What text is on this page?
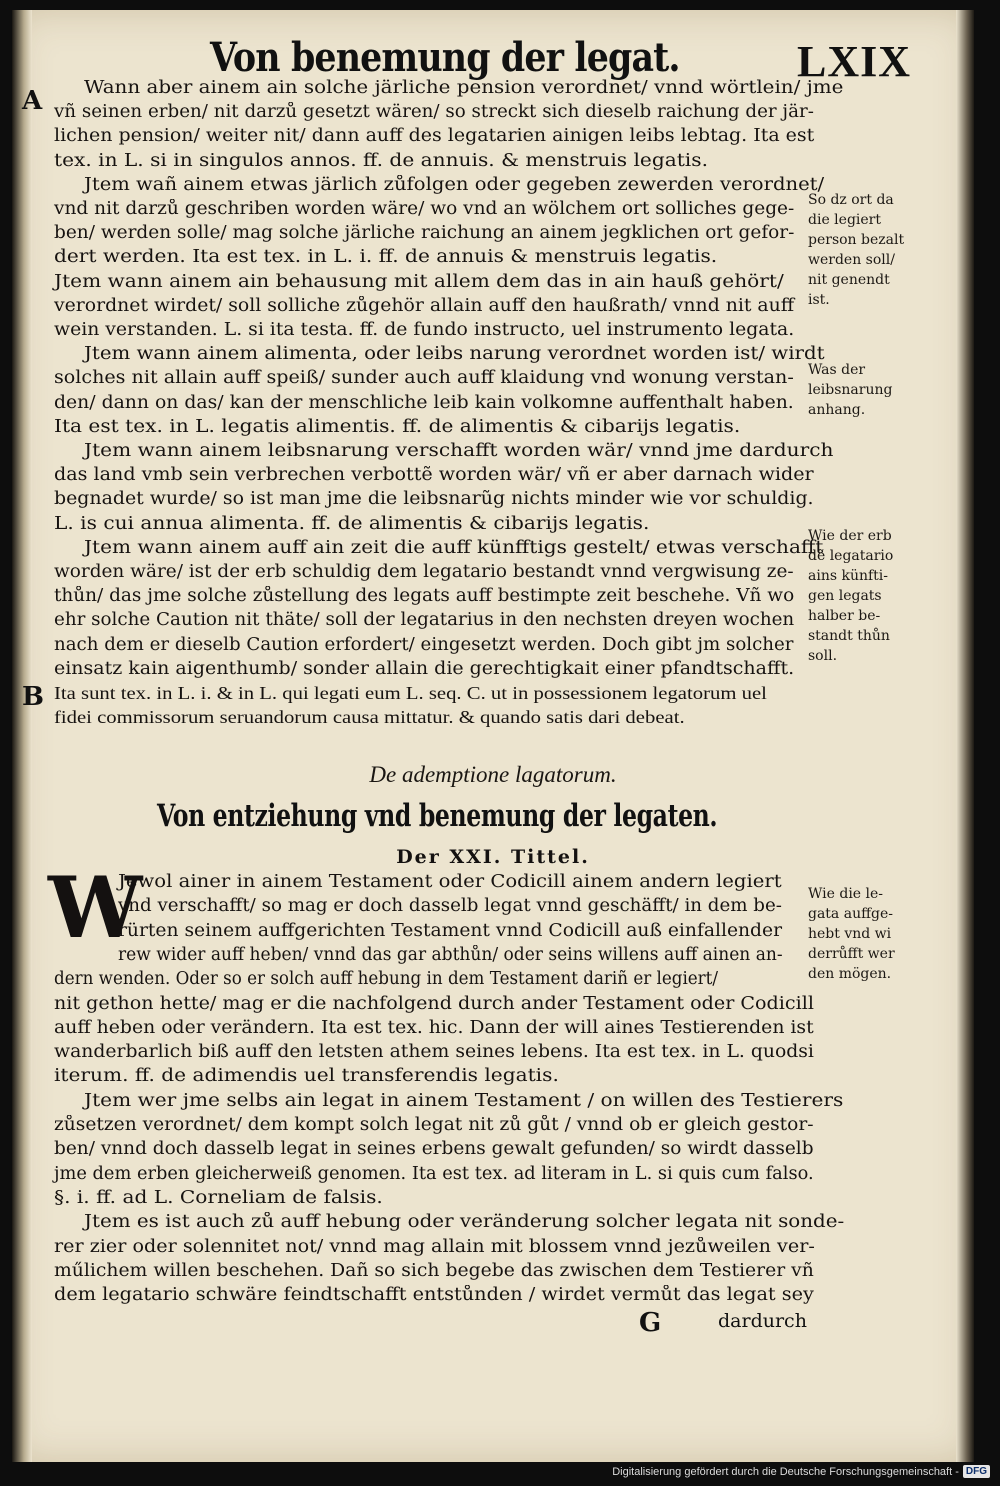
Von benemung der legat.	LXIX
A
B
Wann aber ainem ain solche järliche pension verordnet/ vnnd wörtlein/ jme
vñ seinen erben/ nit darzů gesetzt wären/ so streckt sich dieselb raichung der jär-
lichen pension/ weiter nit/ dann auff des legatarien ainigen leibs lebtag. Ita est
tex. in L. si in singulos annos. ff. de annuis. & menstruis legatis.
Jtem wañ ainem etwas järlich zůfolgen oder gegeben zewerden verordnet/
vnd nit darzů geschriben worden wäre/ wo vnd an wölchem ort solliches gege-
ben/ werden solle/ mag solche järliche raichung an ainem jegklichen ort gefor-
dert werden. Ita est tex. in L. i. ff. de annuis & menstruis legatis.
Jtem wann ainem ain behausung mit allem dem das in ain hauß gehört/
verordnet wirdet/ soll solliche zůgehör allain auff den haußrath/ vnnd nit auff
wein verstanden. L. si ita testa. ff. de fundo instructo, uel instrumento legata.
Jtem wann ainem alimenta, oder leibs narung verordnet worden ist/ wirdt
solches nit allain auff speiß/ sunder auch auff klaidung vnd wonung verstan-
den/ dann on das/ kan der menschliche leib kain volkomne auffenthalt haben.
Ita est tex. in L. legatis alimentis. ff. de alimentis & cibarijs legatis.
Jtem wann ainem leibsnarung verschafft worden wär/ vnnd jme dardurch
das land vmb sein verbrechen verbottẽ worden wär/ vñ er aber darnach wider
begnadet wurde/ so ist man jme die leibsnarũg nichts minder wie vor schuldig.
L. is cui annua alimenta. ff. de alimentis & cibarijs legatis.
Jtem wann ainem auff ain zeit die auff künfftigs gestelt/ etwas verschafft
worden wäre/ ist der erb schuldig dem legatario bestandt vnnd vergwisung ze-
thůn/ das jme solche zůstellung des legats auff bestimpte zeit beschehe. Vñ wo
ehr solche Caution nit thäte/ soll der legatarius in den nechsten dreyen wochen
nach dem er dieselb Caution erfordert/ eingesetzt werden. Doch gibt jm solcher
einsatz kain aigenthumb/ sonder allain die gerechtigkait einer pfandtschafft.
Ita sunt tex. in L. i. & in L. qui legati eum L. seq. C. ut in possessionem legatorum uel
fidei commissorum seruandorum causa mittatur. & quando satis dari debeat.
So dz ort da
die legiert
person bezalt
werden soll/
nit genendt
ist.
Was der
leibsnarung
anhang.
Wie der erb
dẽ legatario
ains künfti-
gen legats
halber be-
standt thůn
soll.
Wie die le-
gata auffge-
hebt vnd wi
derrůfft wer
den mögen.
De ademptione lagatorum.
Von entziehung vnd benemung der legaten.
Der XXI. Tittel.
W
Jewol ainer in ainem Testament oder Codicill ainem andern legiert
vnd verschafft/ so mag er doch dasselb legat vnnd geschäfft/ in dem be-
rürten seinem auffgerichten Testament vnnd Codicill auß einfallender
rew wider auff heben/ vnnd das gar abthůn/ oder seins willens auff ainen an-
dern wenden. Oder so er solch auff hebung in dem Testament dariñ er legiert/
nit gethon hette/ mag er die nachfolgend durch ander Testament oder Codicill
auff heben oder verändern. Ita est tex. hic. Dann der will aines Testierenden ist
wanderbarlich biß auff den letsten athem seines lebens. Ita est tex. in L. quodsi
iterum. ff. de adimendis uel transferendis legatis.
Jtem wer jme selbs ain legat in ainem Testament / on willen des Testierers
zůsetzen verordnet/ dem kompt solch legat nit zů gůt / vnnd ob er gleich gestor-
ben/ vnnd doch dasselb legat in seines erbens gewalt gefunden/ so wirdt dasselb
jme dem erben gleicherweiß genomen. Ita est tex. ad literam in L. si quis cum falso.
§. i. ff. ad L. Corneliam de falsis.
Jtem es ist auch zů auff hebung oder veränderung solcher legata nit sonde-
rer zier oder solennitet not/ vnnd mag allain mit blossem vnnd jezůweilen ver-
műlichem willen beschehen. Dañ so sich begebe das zwischen dem Testierer vñ
dem legatario schwäre feindtschafft entstůnden / wirdet vermůt das legat sey
G	dardurch
Digitalisierung gefördert durch die Deutsche Forschungsgemeinschaft - DFG
